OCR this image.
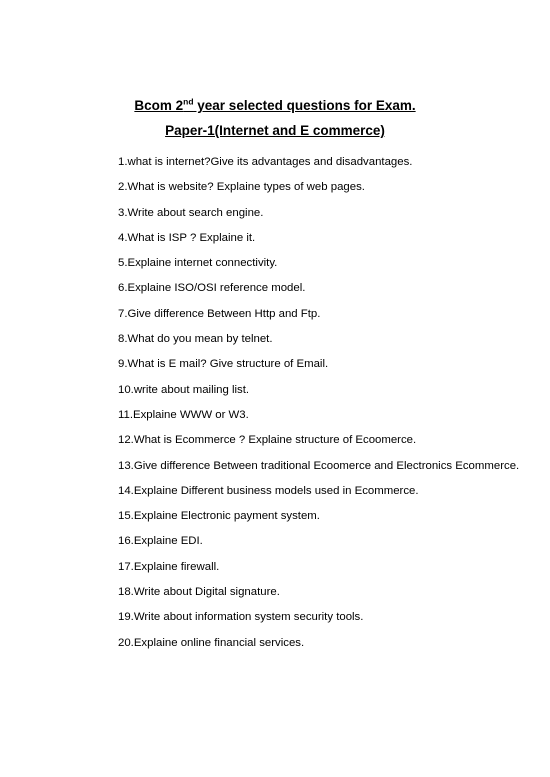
Bcom 2nd year selected questions for Exam.
Paper-1(Internet and E commerce)
1.what is internet?Give its advantages and disadvantages.
2.What is website? Explaine types of web pages.
3.Write about search engine.
4.What is ISP ? Explaine it.
5.Explaine internet connectivity.
6.Explaine ISO/OSI reference model.
7.Give difference Between Http and Ftp.
8.What do you mean by telnet.
9.What is E mail? Give structure of Email.
10.write about mailing list.
11.Explaine WWW or W3.
12.What is Ecommerce ? Explaine structure of Ecoomerce.
13.Give difference Between traditional Ecoomerce and Electronics Ecommerce.
14.Explaine Different business models used in Ecommerce.
15.Explaine Electronic payment system.
16.Explaine EDI.
17.Explaine firewall.
18.Write about Digital signature.
19.Write about information system security tools.
20.Explaine online financial services.
